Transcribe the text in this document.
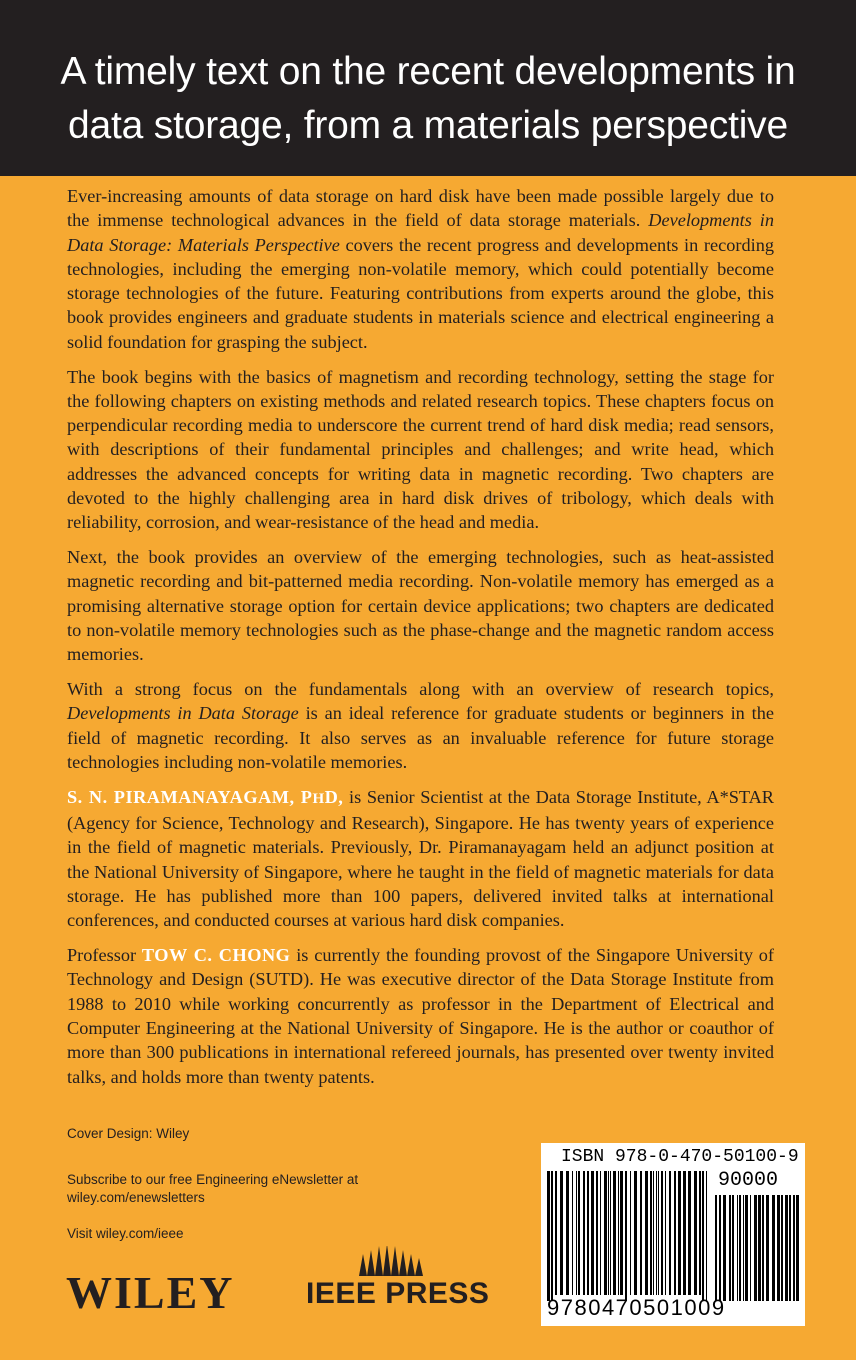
A timely text on the recent developments in
data storage, from a materials perspective

Ever-increasing amounts of data storage on hard disk have been made possible largely due to the immense technological advances in the field of data storage materials. Developments in Data Storage: Materials Perspective covers the recent progress and developments in recording technologies, including the emerging non-volatile memory, which could potentially become storage technologies of the future. Featuring contributions from experts around the globe, this book provides engineers and graduate students in materials science and electrical engineering a solid foundation for grasping the subject.

The book begins with the basics of magnetism and recording technology, setting the stage for the following chapters on existing methods and related research topics. These chapters focus on perpendicular recording media to underscore the current trend of hard disk media; read sensors, with descriptions of their fundamental principles and challenges; and write head, which addresses the advanced concepts for writing data in magnetic recording. Two chapters are devoted to the highly challenging area in hard disk drives of tribology, which deals with reliability, corrosion, and wear-resistance of the head and media.

Next, the book provides an overview of the emerging technologies, such as heat-assisted magnetic recording and bit-patterned media recording. Non-volatile memory has emerged as a promising alternative storage option for certain device applications; two chapters are dedicated to non-volatile memory technologies such as the phase-change and the magnetic random access memories.

With a strong focus on the fundamentals along with an overview of research topics, Developments in Data Storage is an ideal reference for graduate students or beginners in the field of magnetic recording. It also serves as an invaluable reference for future storage technologies including non-volatile memories.

S. N. PIRAMANAYAGAM, PHD, is Senior Scientist at the Data Storage Institute, A*STAR (Agency for Science, Technology and Research), Singapore. He has twenty years of experience in the field of magnetic materials. Previously, Dr. Piramanayagam held an adjunct position at the National University of Singapore, where he taught in the field of magnetic materials for data storage. He has published more than 100 papers, delivered invited talks at international conferences, and conducted courses at various hard disk companies.

Professor TOW C. CHONG is currently the founding provost of the Singapore University of Technology and Design (SUTD). He was executive director of the Data Storage Institute from 1988 to 2010 while working concurrently as professor in the Department of Electrical and Computer Engineering at the National University of Singapore. He is the author or coauthor of more than 300 publications in international refereed journals, has presented over twenty invited talks, and holds more than twenty patents.

Cover Design: Wiley
Subscribe to our free Engineering eNewsletter at
wiley.com/enewsletters
Visit wiley.com/ieee
WILEY IEEE PRESS
ISBN 978-0-470-50100-9
90000
9780470501009
